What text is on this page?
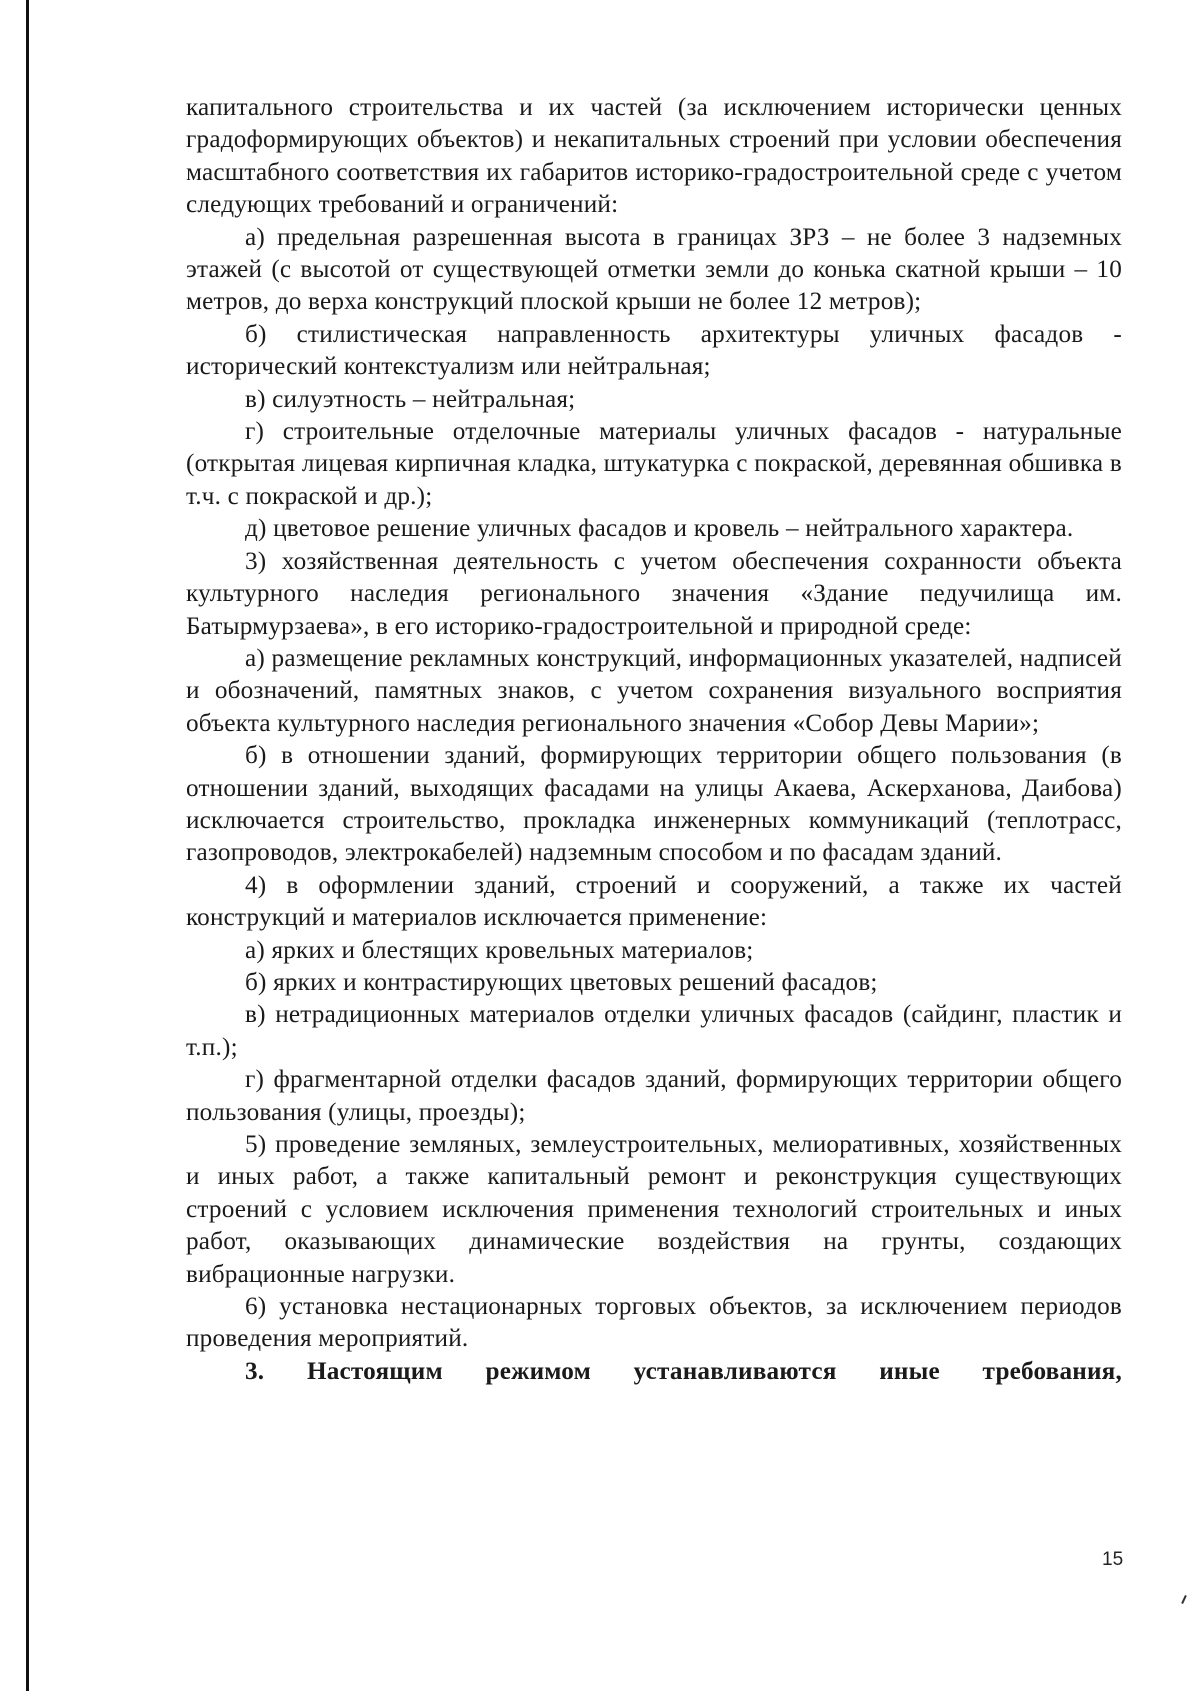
капитального строительства и их частей (за исключением исторически ценных градоформирующих объектов) и некапитальных строений при условии обеспечения масштабного соответствия их габаритов историко-градостроительной среде с учетом следующих требований и ограничений:

а) предельная разрешенная высота в границах ЗРЗ – не более 3 надземных этажей (с высотой от существующей отметки земли до конька скатной крыши – 10 метров, до верха конструкций плоской крыши не более 12 метров);

б) стилистическая направленность архитектуры уличных фасадов - исторический контекстуализм или нейтральная;

в) силуэтность – нейтральная;

г) строительные отделочные материалы уличных фасадов - натуральные (открытая лицевая кирпичная кладка, штукатурка с покраской, деревянная обшивка в т.ч. с покраской и др.);

д) цветовое решение уличных фасадов и кровель – нейтрального характера.

3) хозяйственная деятельность с учетом обеспечения сохранности объекта культурного наследия регионального значения «Здание педучилища им. Батырмурзаева», в его историко-градостроительной и природной среде:

а) размещение рекламных конструкций, информационных указателей, надписей и обозначений, памятных знаков, с учетом сохранения визуального восприятия объекта культурного наследия регионального значения «Собор Девы Марии»;

б) в отношении зданий, формирующих территории общего пользования (в отношении зданий, выходящих фасадами на улицы Акаева, Аскерханова, Даибова) исключается строительство, прокладка инженерных коммуникаций (теплотрасс, газопроводов, электрокабелей) надземным способом и по фасадам зданий.

4) в оформлении зданий, строений и сооружений, а также их частей конструкций и материалов исключается применение:

а) ярких и блестящих кровельных материалов;

б) ярких и контрастирующих цветовых решений фасадов;

в) нетрадиционных материалов отделки уличных фасадов (сайдинг, пластик и т.п.);

г) фрагментарной отделки фасадов зданий, формирующих территории общего пользования (улицы, проезды);

5) проведение земляных, землеустроительных, мелиоративных, хозяйственных и иных работ, а также капитальный ремонт и реконструкция существующих строений с условием исключения применения технологий строительных и иных работ, оказывающих динамические воздействия на грунты, создающих вибрационные нагрузки.

6) установка нестационарных торговых объектов, за исключением периодов проведения мероприятий.

3. Настоящим режимом устанавливаются иные требования,

15
